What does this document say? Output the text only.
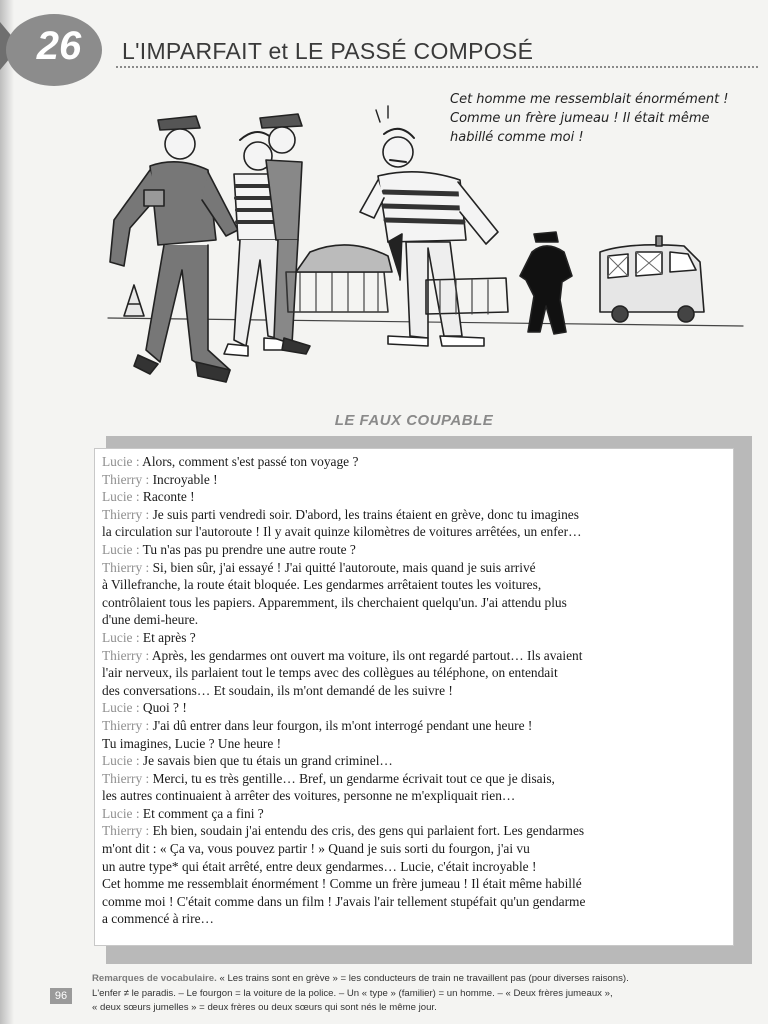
26	L'IMPARFAIT et LE PASSÉ COMPOSÉ
Cet homme me ressemblait énormément !
Comme un frère jumeau ! Il était même
habillé comme moi !
LE FAUX COUPABLE
Lucie : Alors, comment s'est passé ton voyage ?
Thierry : Incroyable !
Lucie : Raconte !
Thierry : Je suis parti vendredi soir. D'abord, les trains étaient en grève, donc tu imagines
la circulation sur l'autoroute ! Il y avait quinze kilomètres de voitures arrêtées, un enfer…
Lucie : Tu n'as pas pu prendre une autre route ?
Thierry : Si, bien sûr, j'ai essayé ! J'ai quitté l'autoroute, mais quand je suis arrivé
à Villefranche, la route était bloquée. Les gendarmes arrêtaient toutes les voitures,
contrôlaient tous les papiers. Apparemment, ils cherchaient quelqu'un. J'ai attendu plus
d'une demi-heure.
Lucie : Et après ?
Thierry : Après, les gendarmes ont ouvert ma voiture, ils ont regardé partout… Ils avaient
l'air nerveux, ils parlaient tout le temps avec des collègues au téléphone, on entendait
des conversations… Et soudain, ils m'ont demandé de les suivre !
Lucie : Quoi ? !
Thierry : J'ai dû entrer dans leur fourgon, ils m'ont interrogé pendant une heure !
Tu imagines, Lucie ? Une heure !
Lucie : Je savais bien que tu étais un grand criminel…
Thierry : Merci, tu es très gentille… Bref, un gendarme écrivait tout ce que je disais,
les autres continuaient à arrêter des voitures, personne ne m'expliquait rien…
Lucie : Et comment ça a fini ?
Thierry : Eh bien, soudain j'ai entendu des cris, des gens qui parlaient fort. Les gendarmes
m'ont dit : « Ça va, vous pouvez partir ! » Quand je suis sorti du fourgon, j'ai vu
un autre type* qui était arrêté, entre deux gendarmes… Lucie, c'était incroyable !
Cet homme me ressemblait énormément ! Comme un frère jumeau ! Il était même habillé
comme moi ! C'était comme dans un film ! J'avais l'air tellement stupéfait qu'un gendarme
a commencé à rire…
96
Remarques de vocabulaire. « Les trains sont en grève » = les conducteurs de train ne travaillent pas (pour diverses raisons).
L'enfer ≠ le paradis. – Le fourgon = la voiture de la police. – Un « type » (familier) = un homme. – « Deux frères jumeaux »,
« deux sœurs jumelles » = deux frères ou deux sœurs qui sont nés le même jour.
